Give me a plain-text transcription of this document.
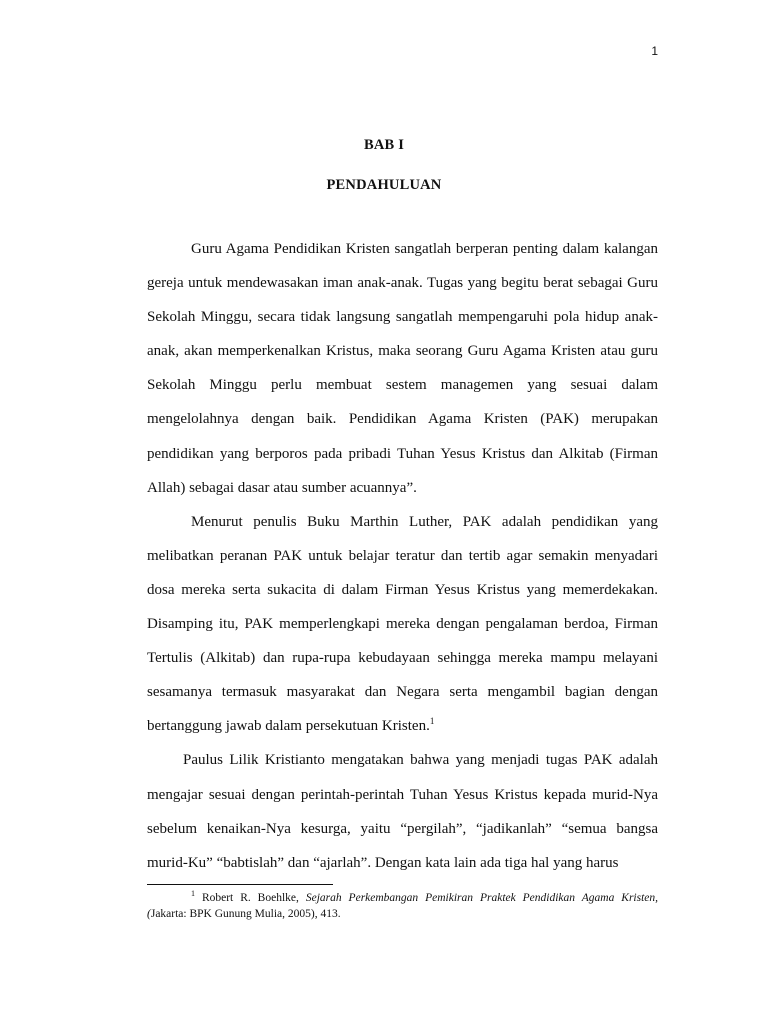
1
BAB I
PENDAHULUAN

Guru Agama Pendidikan Kristen sangatlah berperan penting dalam kalangan gereja untuk mendewasakan iman anak-anak. Tugas yang begitu berat sebagai Guru Sekolah Minggu, secara tidak langsung sangatlah mempengaruhi pola hidup anak-anak, akan memperkenalkan Kristus, maka seorang Guru Agama Kristen atau guru Sekolah Minggu perlu membuat sestem managemen yang sesuai dalam mengelolahnya dengan baik. Pendidikan Agama Kristen (PAK) merupakan pendidikan yang berporos pada pribadi Tuhan Yesus Kristus dan Alkitab (Firman Allah) sebagai dasar atau sumber acuannya”.

Menurut penulis Buku Marthin Luther, PAK adalah pendidikan yang melibatkan peranan PAK untuk belajar teratur dan tertib agar semakin menyadari dosa mereka serta sukacita di dalam Firman Yesus Kristus yang memerdekakan. Disamping itu, PAK memperlengkapi mereka dengan pengalaman berdoa, Firman Tertulis (Alkitab) dan rupa-rupa kebudayaan sehingga mereka mampu melayani sesamanya termasuk masyarakat dan Negara serta mengambil bagian dengan bertanggung jawab dalam persekutuan Kristen.$^1$

Paulus Lilik Kristianto mengatakan bahwa yang menjadi tugas PAK adalah mengajar sesuai dengan perintah-perintah Tuhan Yesus Kristus kepada murid-Nya sebelum kenaikan-Nya kesurga, yaitu “pergilah”, “jadikanlah” “semua bangsa murid-Ku” “babtislah” dan “ajarlah”. Dengan kata lain ada tiga hal yang harus

$^1$ Robert R. Boehlke, Sejarah Perkembangan Pemikiran Praktek Pendidikan Agama Kristen, (Jakarta: BPK Gunung Mulia, 2005), 413.
